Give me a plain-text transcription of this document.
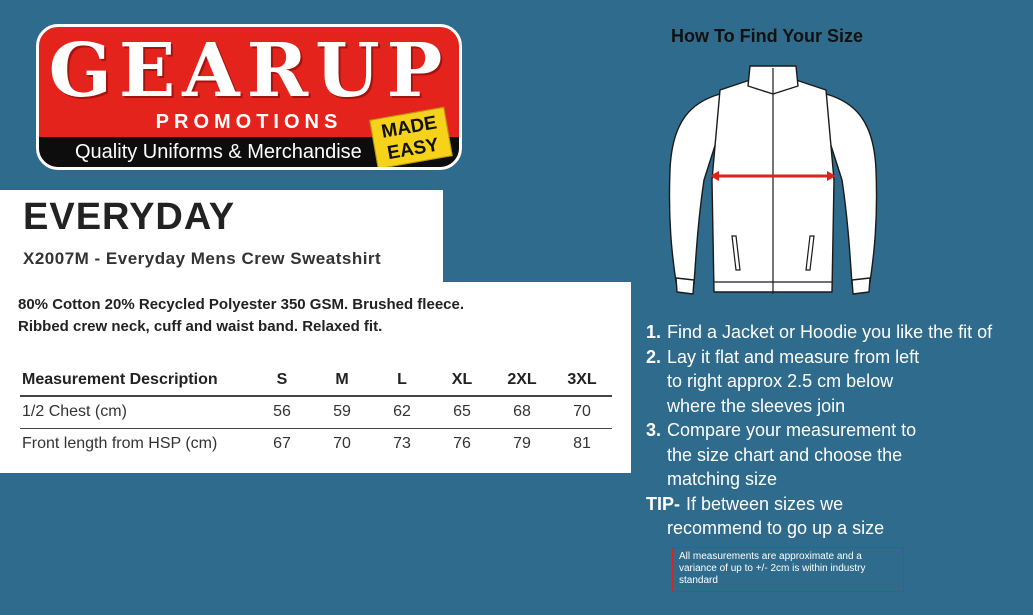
GEARUP
PROMOTIONS
Quality Uniforms & Merchandise
MADE
EASY
EVERYDAY
X2007M - Everyday Mens Crew Sweatshirt
80% Cotton 20% Recycled Polyester 350 GSM. Brushed fleece.
Ribbed crew neck, cuff and waist band. Relaxed fit.
Measurement Description	S	M	L	XL	2XL	3XL
1/2 Chest (cm)	56	59	62	65	68	70
Front length from HSP (cm)	67	70	73	76	79	81
How To Find Your Size
1. Find a Jacket or Hoodie you like the fit of
2. Lay it flat and measure from left
to right approx 2.5 cm below
where the sleeves join
3. Compare your measurement to
the size chart and choose the
matching size
TIP- If between sizes we
recommend to go up a size
All measurements are approximate and a variance of up to +/- 2cm is within industry standard
